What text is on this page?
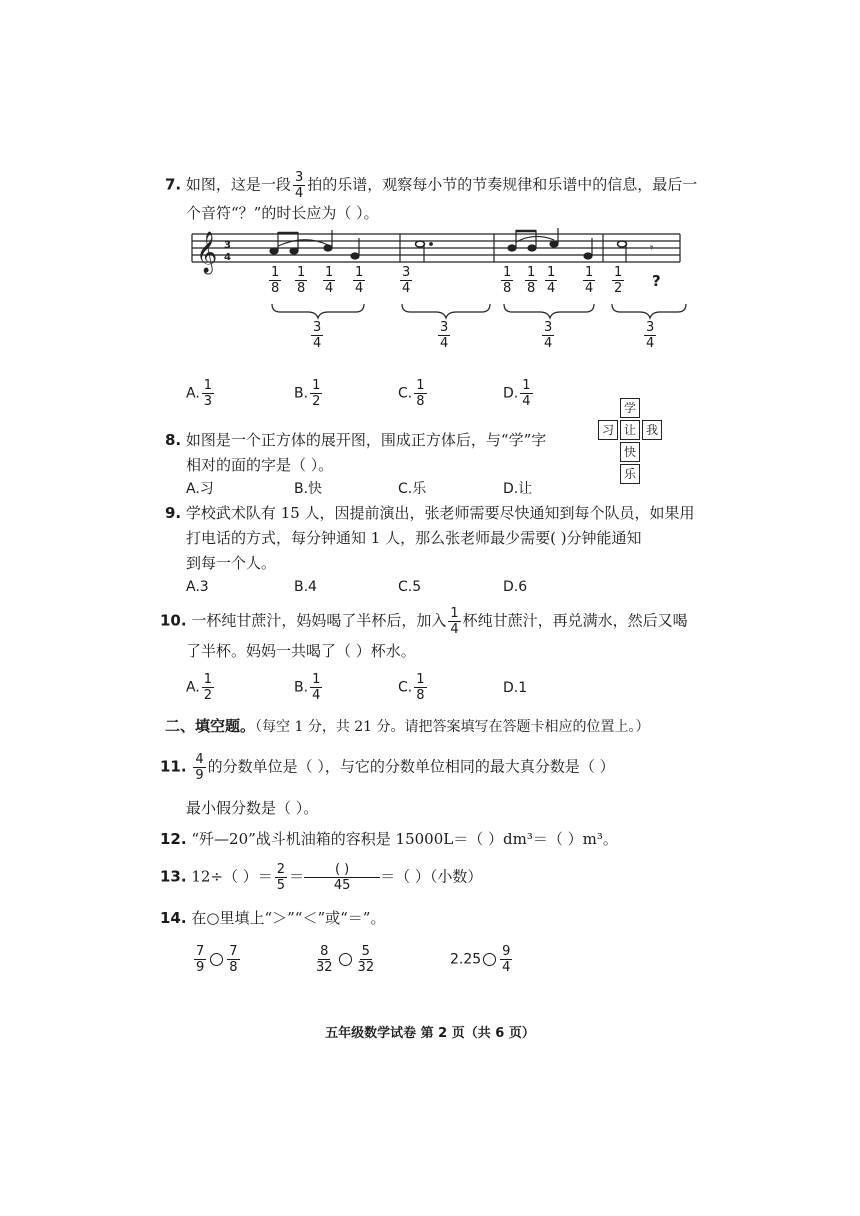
7. 如图，这是一段 $\frac{3}{4}$ 拍的乐谱，观察每小节的节奏规律和乐谱中的信息，最后一
个音符“？”的时长应为（ ）。
𝄞 3
4
𝄾
$\frac{1}{8} \frac{1}{8} \frac{1}{4} \frac{1}{4}$	$\frac{3}{4}$	$\frac{1}{8} \frac{1}{8} \frac{1}{4} \frac{1}{4} \frac{1}{2}$ ?
$\frac{3}{4}$	$\frac{3}{4}$	$\frac{3}{4}$	$\frac{3}{4}$
A. $\frac{1}{3}$	B. $\frac{1}{2}$	C. $\frac{1}{8}$	D. $\frac{1}{4}$
8. 如图是一个正方体的展开图，围成正方体后，与“学”字
相对的面的字是（ ）。
学
习 让 我
快
乐
A.习	B.快	C.乐	D.让
9. 学校武术队有 15 人，因提前演出，张老师需要尽快通知到每个队员，如果用
打电话的方式，每分钟通知 1 人，那么张老师最少需要( )分钟能通知
到每一个人。
A.3	B.4	C.5	D.6
10. 一杯纯甘蔗汁，妈妈喝了半杯后，加入 $\frac{1}{4}$ 杯纯甘蔗汁，再兑满水，然后又喝
了半杯。妈妈一共喝了（ ）杯水。
A. $\frac{1}{2}$	B. $\frac{1}{4}$	C. $\frac{1}{8}$	D.1
二、填空题。（每空 1 分，共 21 分。请把答案填写在答题卡相应的位置上。）
11. $\frac{4}{9}$ 的分数单位是（ ），与它的分数单位相同的最大真分数是（ ）
最小假分数是（ ）。
12. “歼—20”战斗机油箱的容积是 15000L＝（ ）dm³＝（ ）m³。
13. 12÷（ ）＝ $\frac{2}{5} = \frac{( )}{45}$ ＝（ ）（小数）
14. 在○里填上“＞”“＜”或“＝”。
$\frac{7}{9} \frac{7}{8}$	$\frac{8}{32} \frac{5}{32}$	$2.25 \frac{9}{4}$
五年级数学试卷 第 2 页（共 6 页）
